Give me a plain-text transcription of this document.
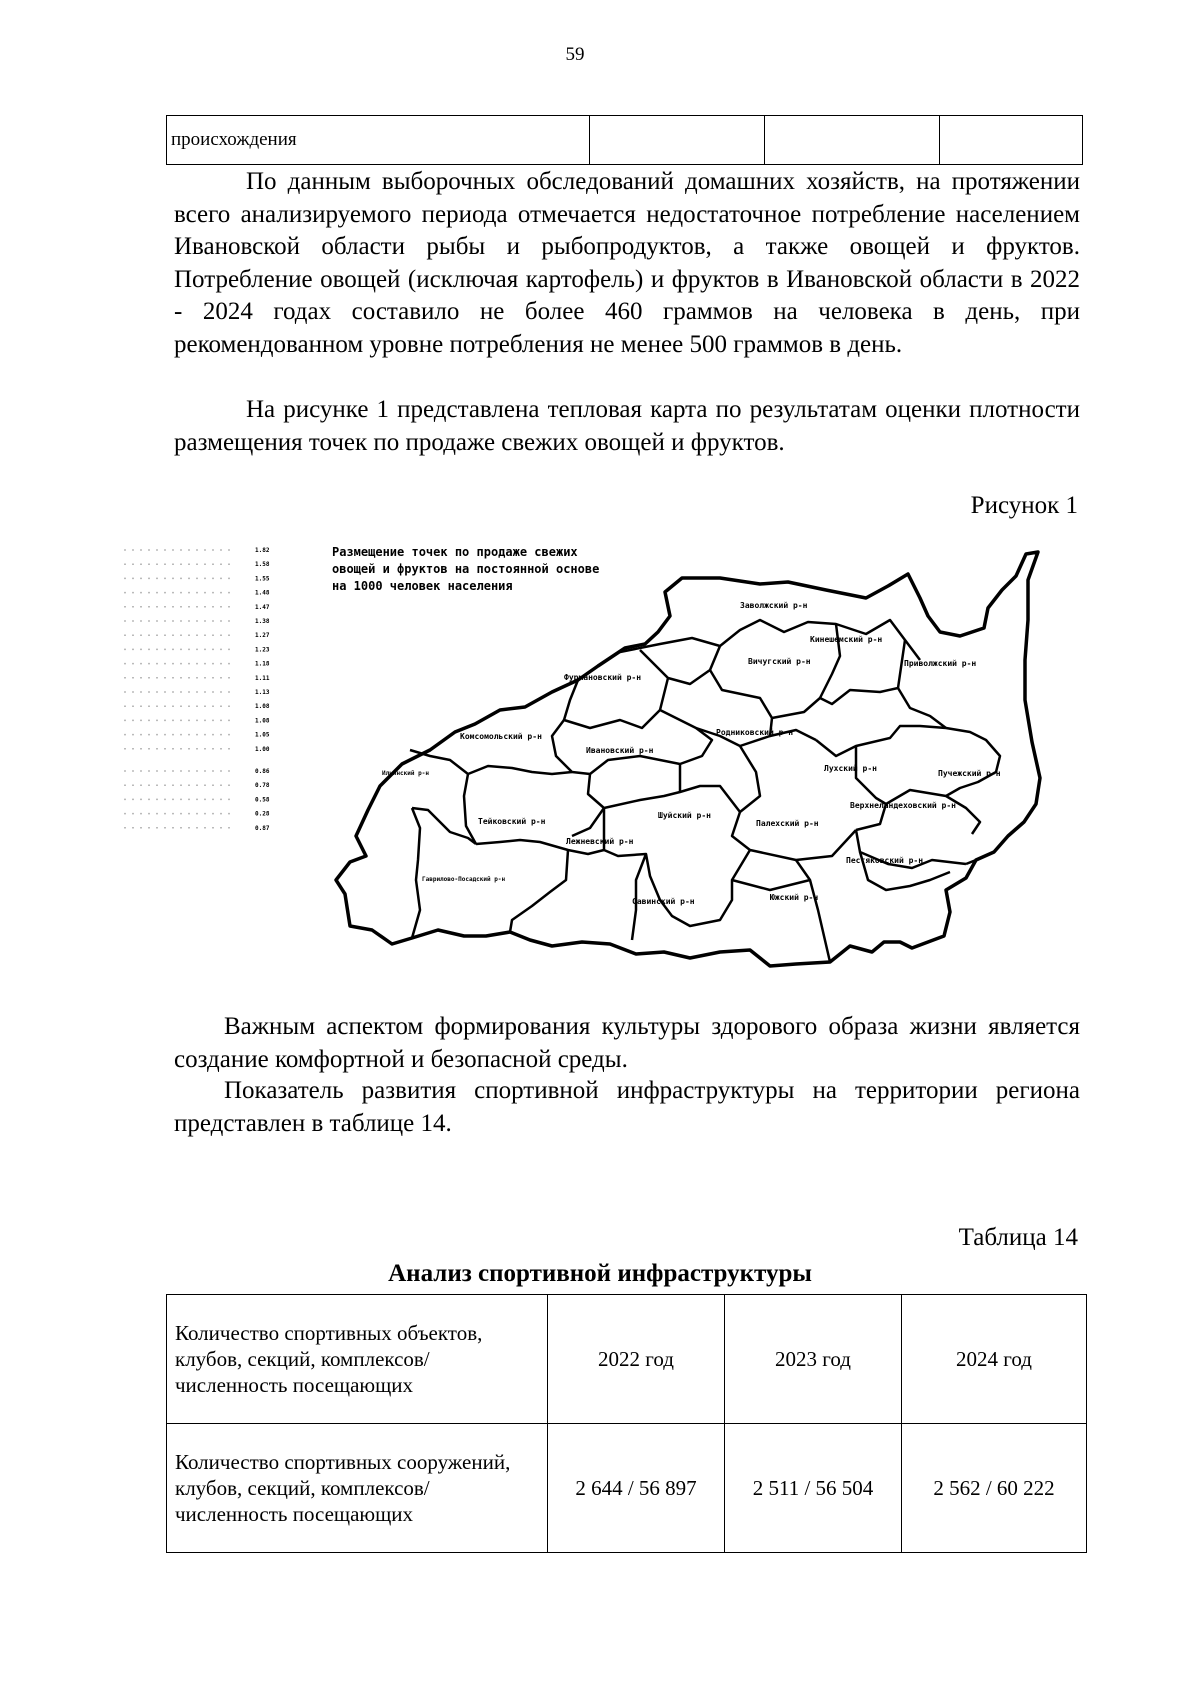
59
происхождения			

По данным выборочных обследований домашних хозяйств, на протяжении всего анализируемого периода отмечается недостаточное потребление населением Ивановской области рыбы и рыбопродуктов, а также овощей и фруктов. Потребление овощей (исключая картофель) и фруктов в Ивановской области в 2022 - 2024 годах составило не более 460 граммов на человека в день, при рекомендованном уровне потребления не менее 500 граммов в день.

На рисунке 1 представлена тепловая карта по результатам оценки плотности размещения точек по продаже свежих овощей и фруктов.

Рисунок 1
1.82
1.58
1.55
1.48
1.47
1.38
1.27
1.23
1.18
1.11
1.13
1.08
1.08
1.05
1.00
0.86
0.78
0.58
0.28
0.87
Размещение точек по продаже свежих
овощей и фруктов на постоянной основе
на 1000 человек населения
Заволжский р-н
Кинешемский р-н
Вичугский р-н
Родниковский р-н
Приволжский р-н
Фурмановский р-н
Комсомольский р-н
Ивановский р-н
Лежневский р-н
Шуйский р-н
Савинский р-н
Палехский р-н
Пучежский р-н
Лухский р-н
Верхнеландеховский р-н
Пестяковский р-н
Южский р-н
Тейковский р-н
Ильинский р-н
Гаврилово-Посадский р-н

Важным аспектом формирования культуры здорового образа жизни является создание комфортной и безопасной среды.

Показатель развития спортивной инфраструктуры на территории региона представлен в таблице 14.

Таблица 14
Анализ спортивной инфраструктуры
Количество спортивных объектов, клубов, секций, комплексов/численность посещающих	2022 год	2023 год	2024 год
Количество спортивных сооружений, клубов, секций, комплексов/численность посещающих	2 644 / 56 897	2 511 / 56 504	2 562 / 60 222
